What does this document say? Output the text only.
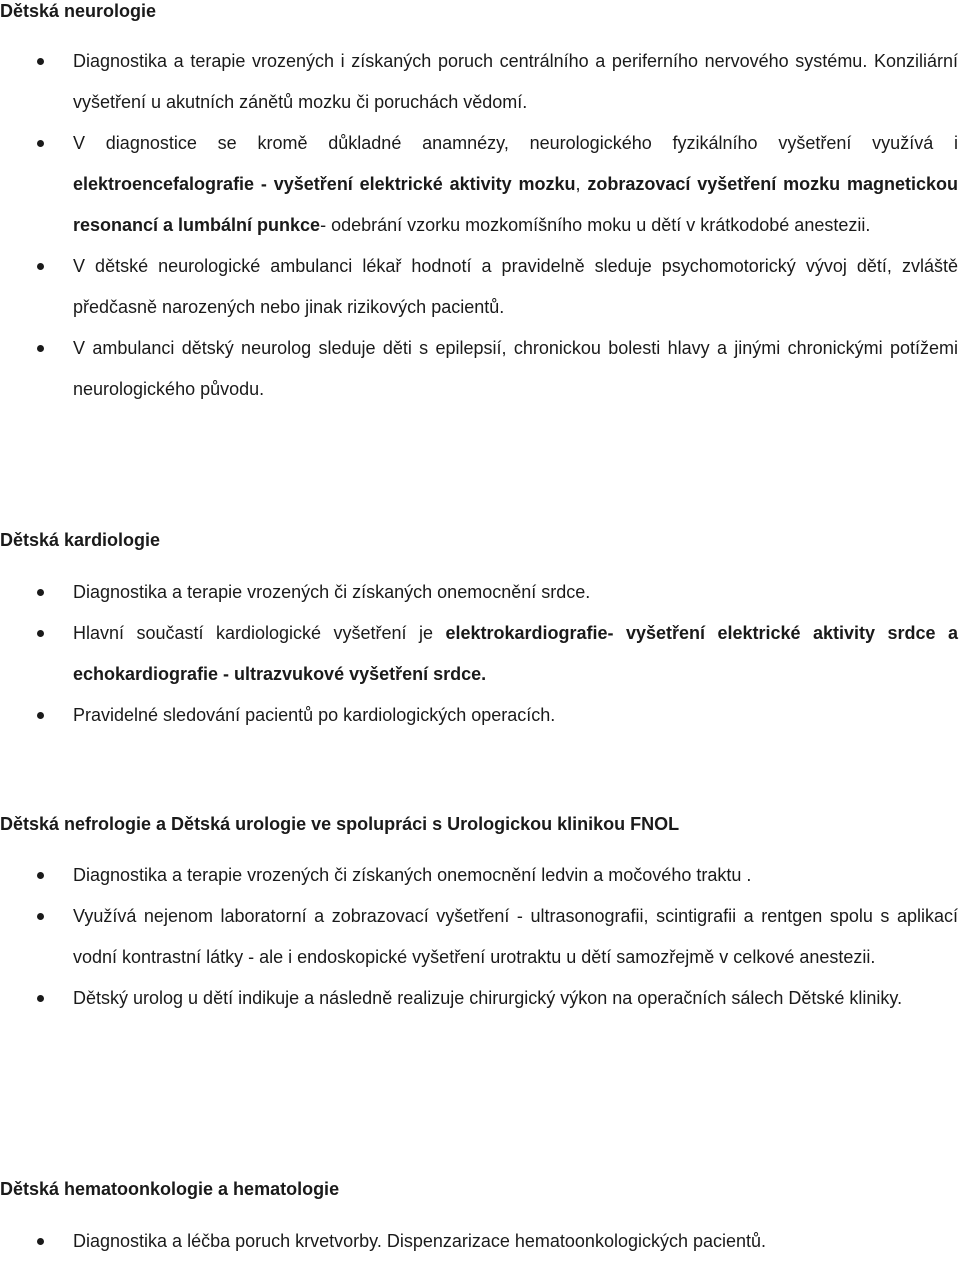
Dětská neurologie
Diagnostika a terapie vrozených i získaných poruch centrálního a periferního nervového systému. Konziliární vyšetření u akutních zánětů mozku či poruchách vědomí.
V diagnostice se kromě důkladné anamnézy, neurologického fyzikálního vyšetření využívá i elektroencefalografie - vyšetření elektrické aktivity mozku, zobrazovací vyšetření mozku magnetickou resonancí a lumbální punkce- odebrání vzorku mozkomíšního moku u dětí v krátkodobé anestezii.
V dětské neurologické ambulanci lékař hodnotí a pravidelně sleduje psychomotorický vývoj dětí, zvláště předčasně narozených nebo jinak rizikových pacientů.
V ambulanci dětský neurolog sleduje děti s epilepsií, chronickou bolesti hlavy a jinými chronickými potížemi neurologického původu.
Dětská kardiologie
Diagnostika a terapie vrozených či získaných onemocnění srdce.
Hlavní součastí kardiologické vyšetření je elektrokardiografie- vyšetření elektrické aktivity srdce a echokardiografie - ultrazvukové vyšetření srdce.
Pravidelné sledování pacientů po kardiologických operacích.
Dětská nefrologie a Dětská urologie ve spolupráci s Urologickou klinikou FNOL
Diagnostika a terapie vrozených či získaných onemocnění ledvin a močového traktu .
Využívá nejenom laboratorní a zobrazovací vyšetření - ultrasonografii, scintigrafii a rentgen spolu s aplikací vodní kontrastní látky - ale i endoskopické vyšetření urotraktu u dětí samozřejmě v celkové anestezii.
Dětský urolog u dětí indikuje a následně realizuje chirurgický výkon na operačních sálech Dětské kliniky.
Dětská hematoonkologie a hematologie
Diagnostika a léčba poruch krvetvorby. Dispenzarizace hematoonkologických pacientů.
